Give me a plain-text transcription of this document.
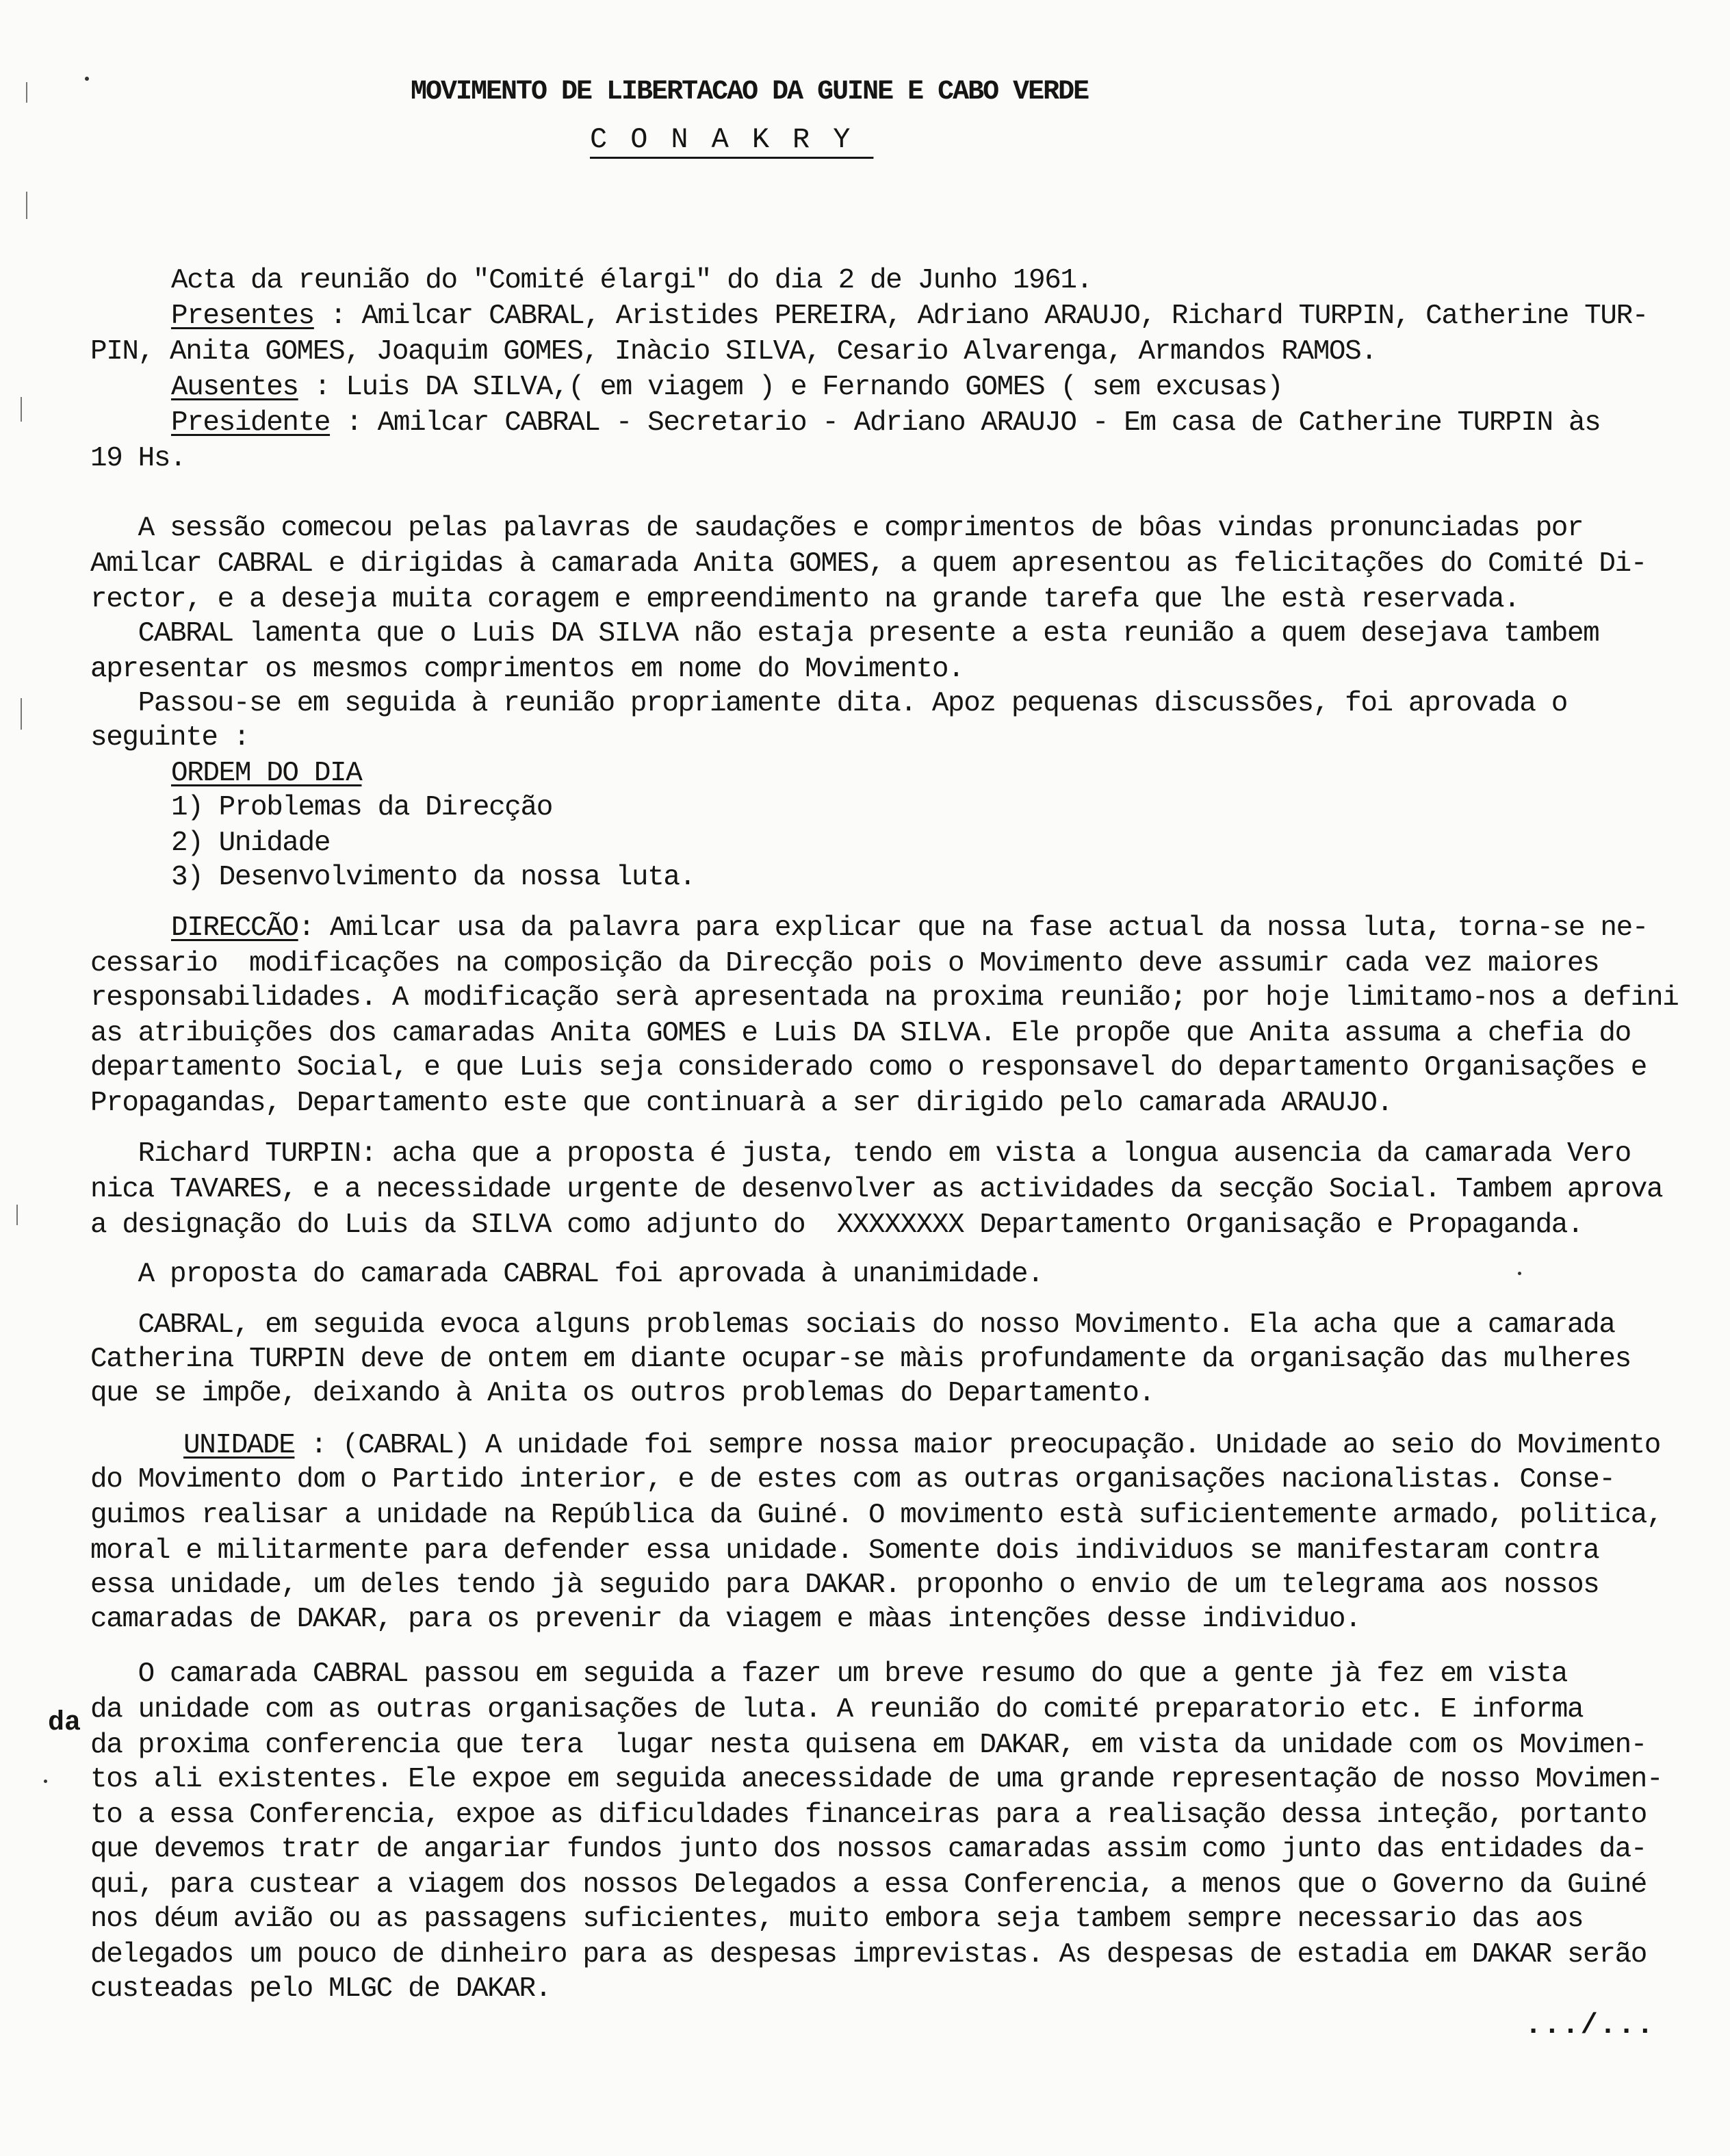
MOVIMENTO DE LIBERTACAO DA GUINE E CABO VERDE
CONAKRY
Acta da reunião do "Comité élargi" do dia 2 de Junho 1961.
Presentes : Amilcar CABRAL, Aristides PEREIRA, Adriano ARAUJO, Richard TURPIN, Catherine TUR-
PIN, Anita GOMES, Joaquim GOMES, Inàcio SILVA, Cesario Alvarenga, Armandos RAMOS.
Ausentes : Luis DA SILVA,( em viagem ) e Fernando GOMES ( sem excusas)
Presidente : Amilcar CABRAL - Secretario - Adriano ARAUJO - Em casa de Catherine TURPIN às
19 Hs.
A sessão comecou pelas palavras de saudações e comprimentos de bôas vindas pronunciadas por
Amilcar CABRAL e dirigidas à camarada Anita GOMES, a quem apresentou as felicitações do Comité Di-
rector, e a deseja muita coragem e empreendimento na grande tarefa que lhe està reservada.
CABRAL lamenta que o Luis DA SILVA não estaja presente a esta reunião a quem desejava tambem
apresentar os mesmos comprimentos em nome do Movimento.
Passou-se em seguida à reunião propriamente dita. Apoz pequenas discussões, foi aprovada o
seguinte :
ORDEM DO DIA
1) Problemas da Direcção
2) Unidade
3) Desenvolvimento da nossa luta.
DIRECCÃO: Amilcar usa da palavra para explicar que na fase actual da nossa luta, torna-se ne-
cessario  modificações na composição da Direcção pois o Movimento deve assumir cada vez maiores
responsabilidades. A modificação serà apresentada na proxima reunião; por hoje limitamo-nos a defini
as atribuições dos camaradas Anita GOMES e Luis DA SILVA. Ele propõe que Anita assuma a chefia do
departamento Social, e que Luis seja considerado como o responsavel do departamento Organisações e
Propagandas, Departamento este que continuarà a ser dirigido pelo camarada ARAUJO.
Richard TURPIN: acha que a proposta é justa, tendo em vista a longua ausencia da camarada Vero
nica TAVARES, e a necessidade urgente de desenvolver as actividades da secção Social. Tambem aprova
a designação do Luis da SILVA como adjunto do  XXXXXXXX Departamento Organisação e Propaganda.
A proposta do camarada CABRAL foi aprovada à unanimidade.
CABRAL, em seguida evoca alguns problemas sociais do nosso Movimento. Ela acha que a camarada
Catherina TURPIN deve de ontem em diante ocupar-se màis profundamente da organisação das mulheres
que se impõe, deixando à Anita os outros problemas do Departamento.
UNIDADE : (CABRAL) A unidade foi sempre nossa maior preocupação. Unidade ao seio do Movimento
do Movimento dom o Partido interior, e de estes com as outras organisações nacionalistas. Conse-
guimos realisar a unidade na República da Guiné. O movimento està suficientemente armado, politica,
moral e militarmente para defender essa unidade. Somente dois individuos se manifestaram contra
essa unidade, um deles tendo jà seguido para DAKAR. proponho o envio de um telegrama aos nossos
camaradas de DAKAR, para os prevenir da viagem e màas intenções desse individuo.
O camarada CABRAL passou em seguida a fazer um breve resumo do que a gente jà fez em vista
da unidade com as outras organisações de luta. A reunião do comité preparatorio etc. E informa
da proxima conferencia que tera  lugar nesta quisena em DAKAR, em vista da unidade com os Movimen-
tos ali existentes. Ele expoe em seguida anecessidade de uma grande representação de nosso Movimen-
to a essa Conferencia, expoe as dificuldades financeiras para a realisação dessa inteção, portanto
que devemos tratr de angariar fundos junto dos nossos camaradas assim como junto das entidades da-
qui, para custear a viagem dos nossos Delegados a essa Conferencia, a menos que o Governo da Guiné
nos déum avião ou as passagens suficientes, muito embora seja tambem sempre necessario das aos
delegados um pouco de dinheiro para as despesas imprevistas. As despesas de estadia em DAKAR serão
custeadas pelo MLGC de DAKAR.
da
.../...
